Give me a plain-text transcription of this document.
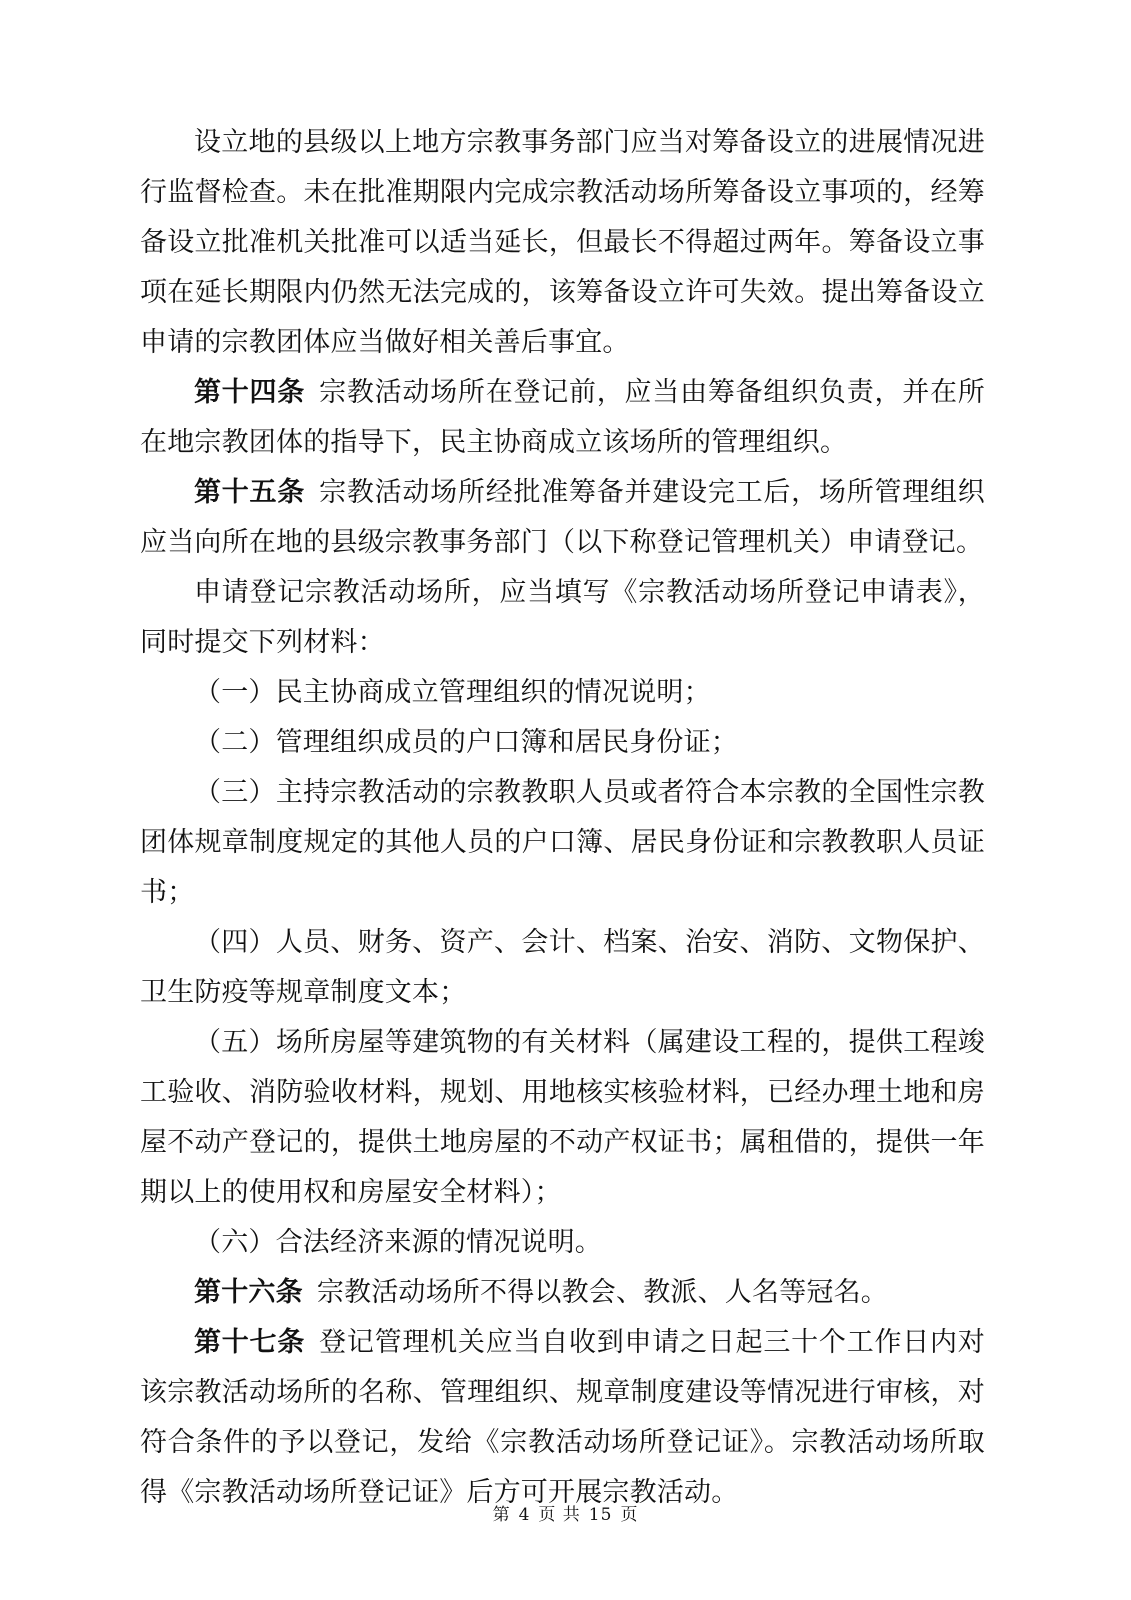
设立地的县级以上地方宗教事务部门应当对筹备设立的进展情况进行监督检查。未在批准期限内完成宗教活动场所筹备设立事项的，经筹备设立批准机关批准可以适当延长，但最长不得超过两年。筹备设立事项在延长期限内仍然无法完成的，该筹备设立许可失效。提出筹备设立申请的宗教团体应当做好相关善后事宜。

第十四条 宗教活动场所在登记前，应当由筹备组织负责，并在所在地宗教团体的指导下，民主协商成立该场所的管理组织。

第十五条 宗教活动场所经批准筹备并建设完工后，场所管理组织应当向所在地的县级宗教事务部门（以下称登记管理机关）申请登记。

申请登记宗教活动场所，应当填写《宗教活动场所登记申请表》，同时提交下列材料：

（一）民主协商成立管理组织的情况说明；

（二）管理组织成员的户口簿和居民身份证；

（三）主持宗教活动的宗教教职人员或者符合本宗教的全国性宗教团体规章制度规定的其他人员的户口簿、居民身份证和宗教教职人员证书；

（四）人员、财务、资产、会计、档案、治安、消防、文物保护、卫生防疫等规章制度文本；

（五）场所房屋等建筑物的有关材料（属建设工程的，提供工程竣工验收、消防验收材料，规划、用地核实核验材料，已经办理土地和房屋不动产登记的，提供土地房屋的不动产权证书；属租借的，提供一年期以上的使用权和房屋安全材料）；

（六）合法经济来源的情况说明。

第十六条 宗教活动场所不得以教会、教派、人名等冠名。

第十七条 登记管理机关应当自收到申请之日起三十个工作日内对该宗教活动场所的名称、管理组织、规章制度建设等情况进行审核，对符合条件的予以登记，发给《宗教活动场所登记证》。宗教活动场所取得《宗教活动场所登记证》后方可开展宗教活动。

第 4 页 共 15 页
